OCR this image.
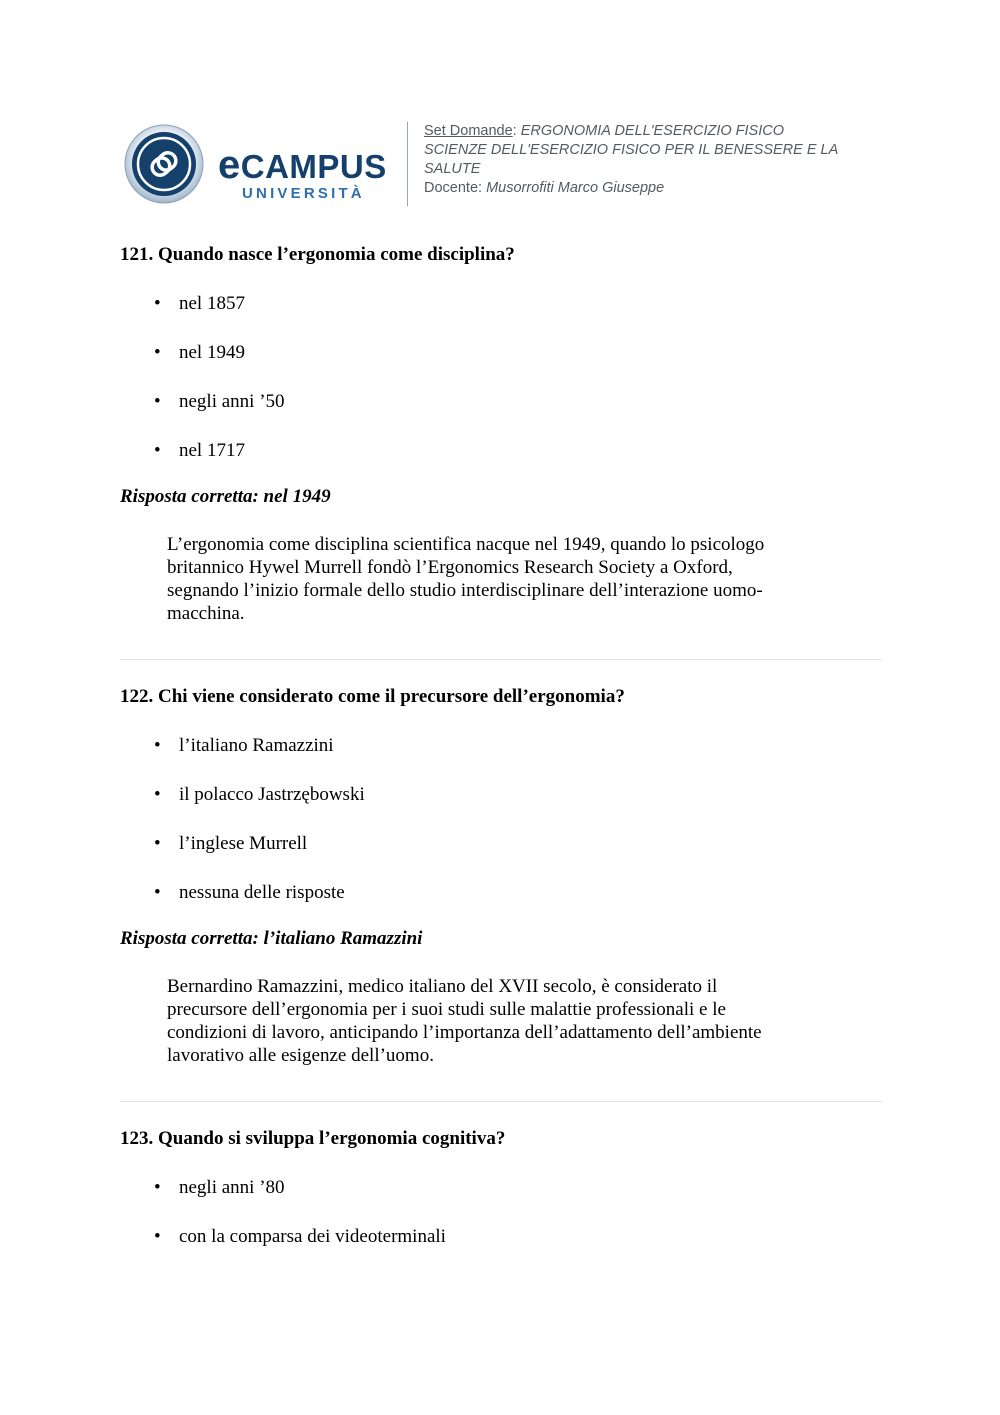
eCAMPUS
UNIVERSITÀ
Set Domande: ERGONOMIA DELL'ESERCIZIO FISICO
SCIENZE DELL'ESERCIZIO FISICO PER IL BENESSERE E LA
SALUTE
Docente: Musorrofiti Marco Giuseppe

121. Quando nasce l’ergonomia come disciplina?

• nel 1857
• nel 1949
• negli anni ’50
• nel 1717

Risposta corretta: nel 1949

L’ergonomia come disciplina scientifica nacque nel 1949, quando lo psicologo
britannico Hywel Murrell fondò l’Ergonomics Research Society a Oxford,
segnando l’inizio formale dello studio interdisciplinare dell’interazione uomo-
macchina.

122. Chi viene considerato come il precursore dell’ergonomia?

• l’italiano Ramazzini
• il polacco Jastrzębowski
• l’inglese Murrell
• nessuna delle risposte

Risposta corretta: l’italiano Ramazzini

Bernardino Ramazzini, medico italiano del XVII secolo, è considerato il
precursore dell’ergonomia per i suoi studi sulle malattie professionali e le
condizioni di lavoro, anticipando l’importanza dell’adattamento dell’ambiente
lavorativo alle esigenze dell’uomo.

123. Quando si sviluppa l’ergonomia cognitiva?

• negli anni ’80
• con la comparsa dei videoterminali
